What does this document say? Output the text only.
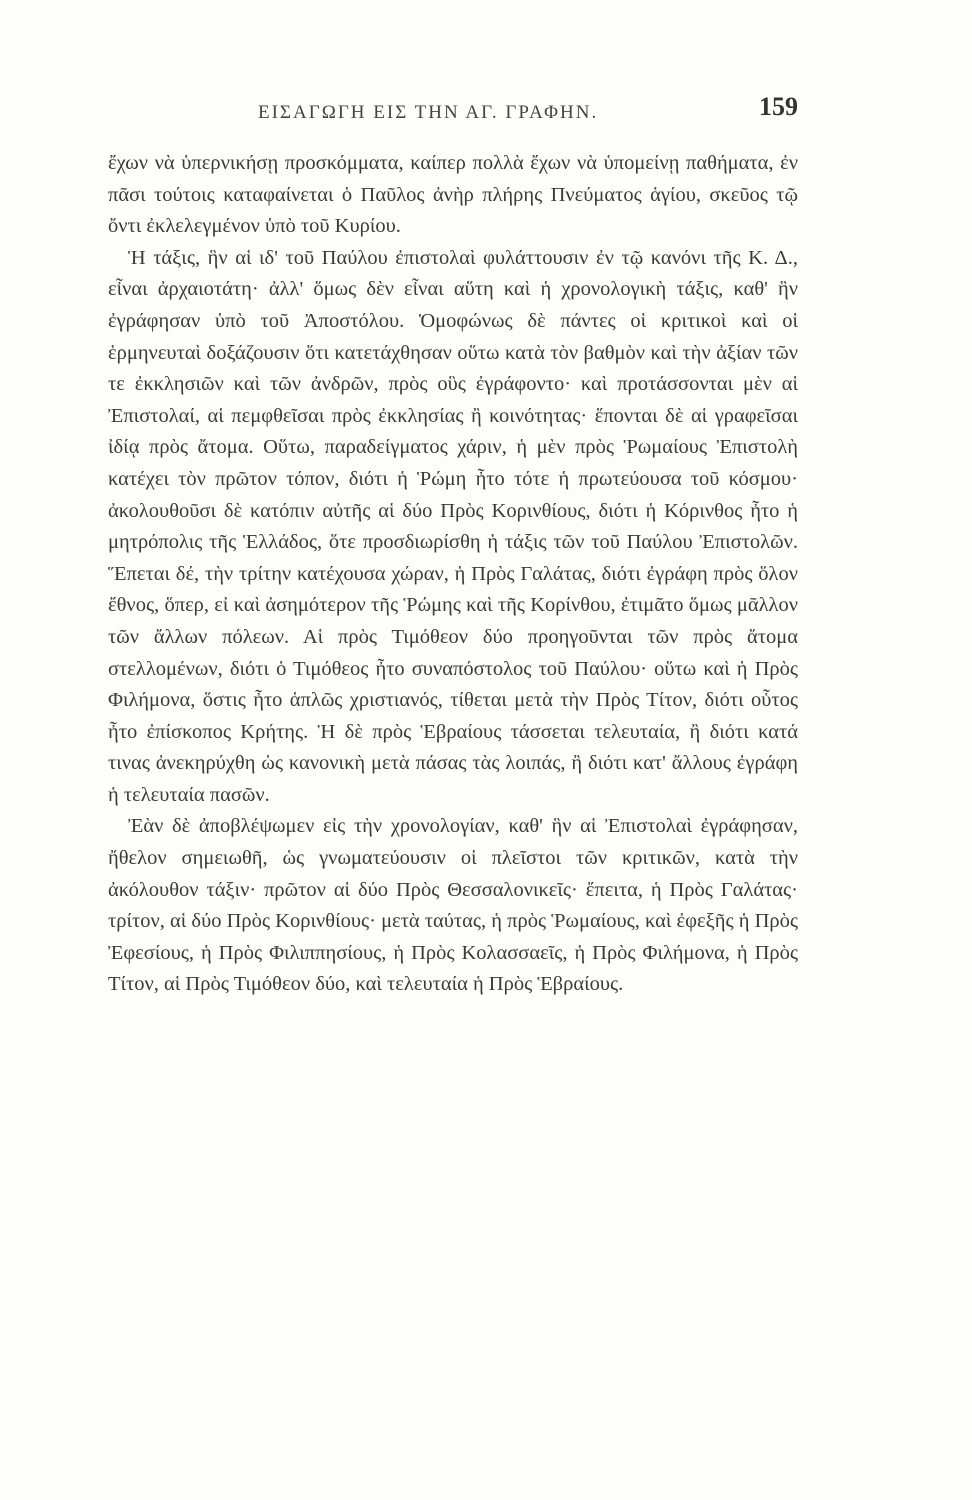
ΕΙΣΑΓΩΓΗ ΕΙΣ ΤΗΝ ΑΓ. ΓΡΑΦΗΝ.	159

ἔχων νὰ ὑπερνικήσῃ προσκόμματα, καίπερ πολλὰ ἔχων νὰ ὑπομείνῃ παθήματα, ἐν πᾶσι τούτοις καταφαίνεται ὁ Παῦλος ἀνὴρ πλήρης Πνεύματος ἁγίου, σκεῦος τῷ ὄντι ἐκλελεγμένον ὑπὸ τοῦ Κυρίου.

Ἡ τάξις, ἣν αἱ ιδ' τοῦ Παύλου ἐπιστολαὶ φυλάττουσιν ἐν τῷ κανόνι τῆς Κ. Δ., εἶναι ἀρχαιοτάτη· ἀλλ' ὅμως δὲν εἶναι αὕτη καὶ ἡ χρονολογικὴ τάξις, καθ' ἣν ἐγράφησαν ὑπὸ τοῦ Ἀποστόλου. Ὁμοφώνως δὲ πάντες οἱ κριτικοὶ καὶ οἱ ἑρμηνευταὶ δοξάζουσιν ὅτι κατετάχθησαν οὕτω κατὰ τὸν βαθμὸν καὶ τὴν ἀξίαν τῶν τε ἐκκλησιῶν καὶ τῶν ἀνδρῶν, πρὸς οὓς ἐγράφοντο· καὶ προτάσσονται μὲν αἱ Ἐπιστολαί, αἱ πεμφθεῖσαι πρὸς ἐκκλησίας ἢ κοινότητας· ἕπονται δὲ αἱ γραφεῖσαι ἰδίᾳ πρὸς ἄτομα. Οὕτω, παραδείγματος χάριν, ἡ μὲν πρὸς Ῥωμαίους Ἐπιστολὴ κατέχει τὸν πρῶτον τόπον, διότι ἡ Ῥώμη ἦτο τότε ἡ πρωτεύουσα τοῦ κόσμου· ἀκολουθοῦσι δὲ κατόπιν αὐτῆς αἱ δύο Πρὸς Κορινθίους, διότι ἡ Κόρινθος ἦτο ἡ μητρόπολις τῆς Ἑλλάδος, ὅτε προσδιωρίσθη ἡ τάξις τῶν τοῦ Παύλου Ἐπιστολῶν. Ἕπεται δέ, τὴν τρίτην κατέχουσα χώραν, ἡ Πρὸς Γαλάτας, διότι ἐγράφη πρὸς ὅλον ἔθνος, ὅπερ, εἰ καὶ ἀσημότερον τῆς Ῥώμης καὶ τῆς Κορίνθου, ἐτιμᾶτο ὅμως μᾶλλον τῶν ἄλλων πόλεων. Αἱ πρὸς Τιμόθεον δύο προηγοῦνται τῶν πρὸς ἄτομα στελλομένων, διότι ὁ Τιμόθεος ἦτο συναπόστολος τοῦ Παύλου· οὕτω καὶ ἡ Πρὸς Φιλήμονα, ὅστις ἦτο ἁπλῶς χριστιανός, τίθεται μετὰ τὴν Πρὸς Τίτον, διότι οὗτος ἦτο ἐπίσκοπος Κρήτης. Ἡ δὲ πρὸς Ἑβραίους τάσσεται τελευταία, ἢ διότι κατά τινας ἀνεκηρύχθη ὡς κανονικὴ μετὰ πάσας τὰς λοιπάς, ἢ διότι κατ' ἄλλους ἐγράφη ἡ τελευταία πασῶν.

Ἐὰν δὲ ἀποβλέψωμεν εἰς τὴν χρονολογίαν, καθ' ἣν αἱ Ἐπιστολαὶ ἐγράφησαν, ἤθελον σημειωθῆ, ὡς γνωματεύουσιν οἱ πλεῖστοι τῶν κριτικῶν, κατὰ τὴν ἀκόλουθον τάξιν· πρῶτον αἱ δύο Πρὸς Θεσσαλονικεῖς· ἔπειτα, ἡ Πρὸς Γαλάτας· τρίτον, αἱ δύο Πρὸς Κορινθίους· μετὰ ταύτας, ἡ πρὸς Ῥωμαίους, καὶ ἐφεξῆς ἡ Πρὸς Ἐφεσίους, ἡ Πρὸς Φιλιππησίους, ἡ Πρὸς Κολασσαεῖς, ἡ Πρὸς Φιλήμονα, ἡ Πρὸς Τίτον, αἱ Πρὸς Τιμόθεον δύο, καὶ τελευταία ἡ Πρὸς Ἑβραίους.
